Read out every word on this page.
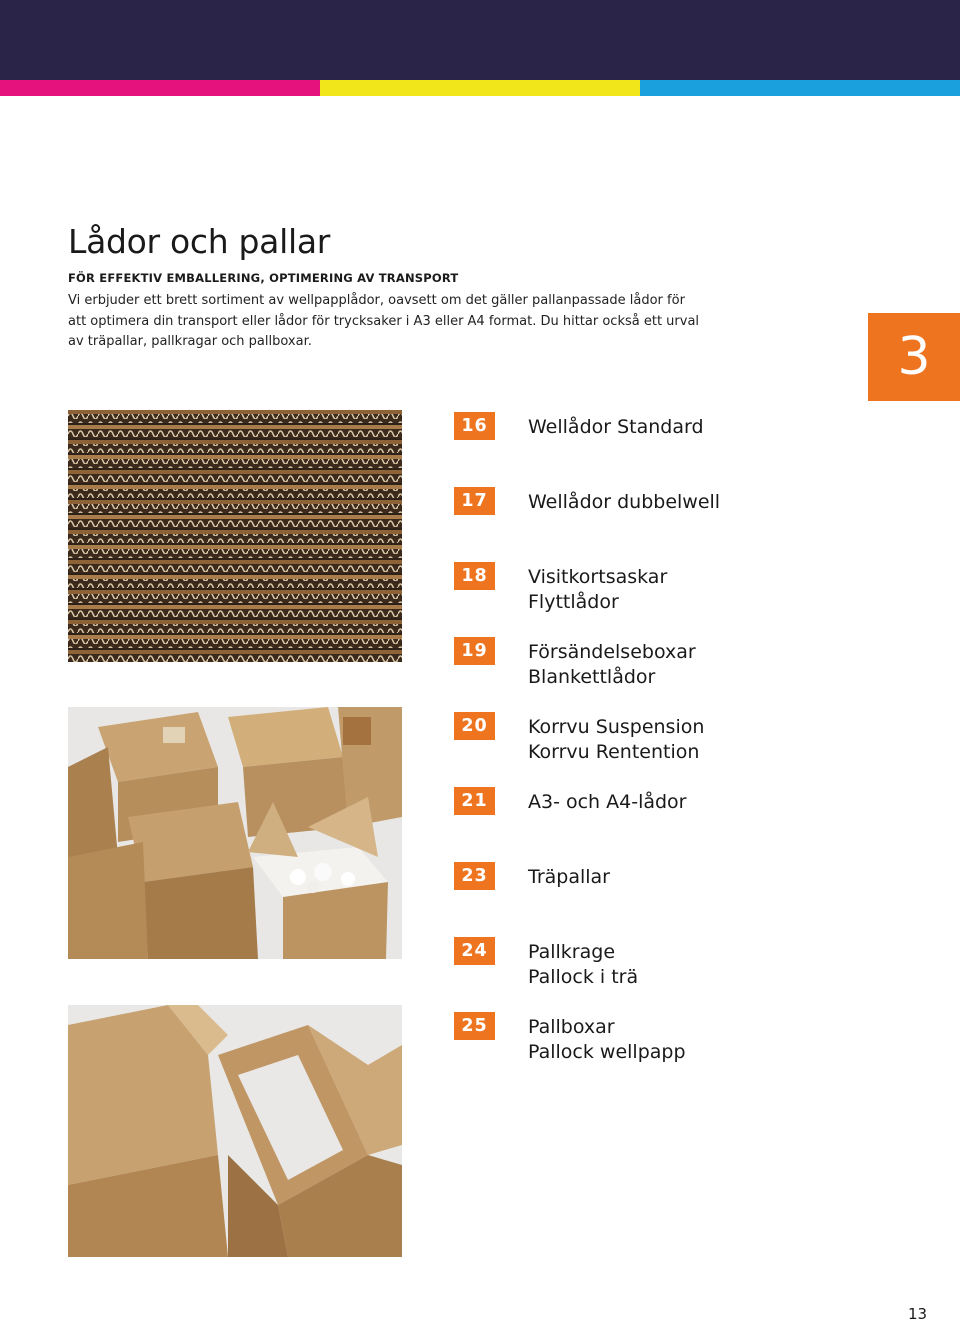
Lådor och pallar
FÖR EFFEKTIV EMBALLERING, OPTIMERING AV TRANSPORT
Vi erbjuder ett brett sortiment av wellpapplådor, oavsett om det gäller pallanpassade lådor för
att optimera din transport eller lådor för trycksaker i A3 eller A4 format. Du hittar också ett urval
av träpallar, pallkragar och pallboxar.	3
16	Wellådor Standard
17	Wellådor dubbelwell
18	Visitkortsaskar
Flyttlådor
19	Försändelseboxar
Blankettlådor
20	Korrvu Suspension
Korrvu Rentention
21	A3- och A4-lådor
23	Träpallar
24	Pallkrage
Pallock i trä
25	Pallboxar
Pallock wellpapp
13
